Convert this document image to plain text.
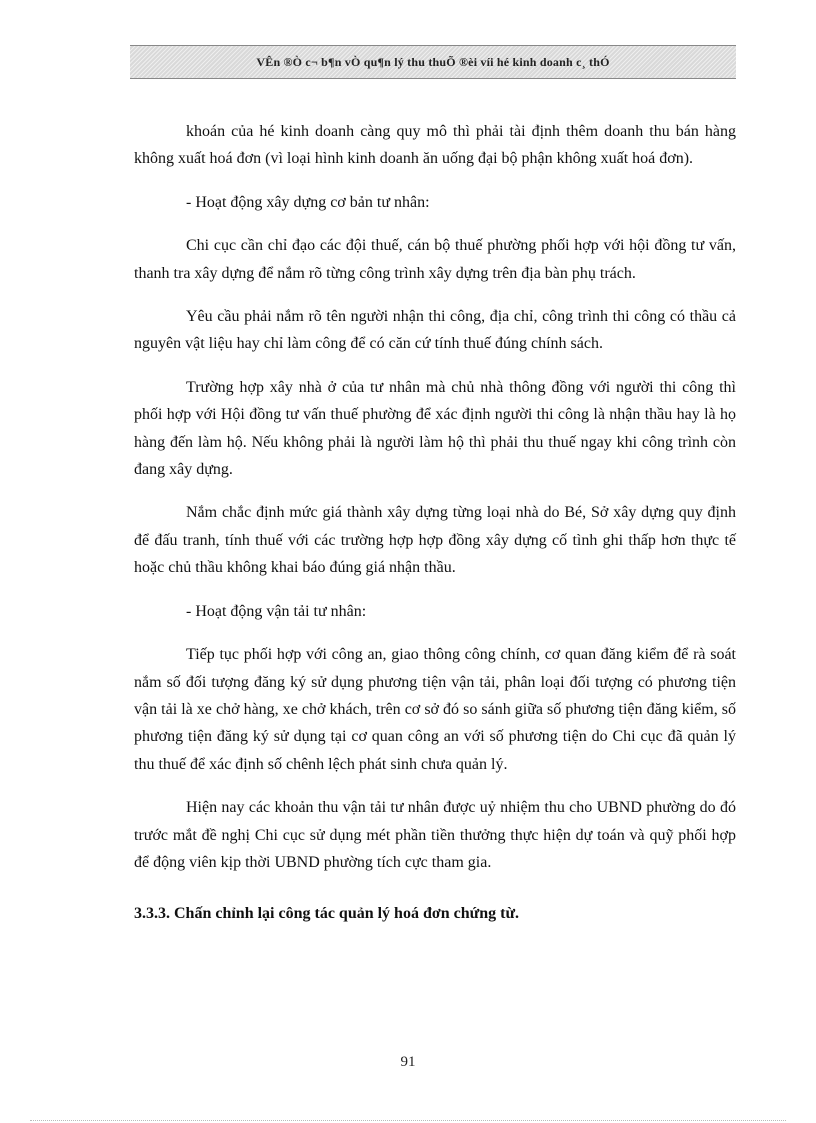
VÊn ®Ò c¬ b¶n vÒ qu¶n lý thu thuÕ ®èi víi hé kinh doanh c¸ thÓ

khoán của hé kinh doanh càng quy mô thì phải tài định thêm doanh thu bán hàng không xuất hoá đơn (vì loại hình kinh doanh ăn uống đại bộ phận không xuất hoá đơn).

- Hoạt động xây dựng cơ bản tư nhân:

Chi cục cần chỉ đạo các đội thuế, cán bộ thuế phường phối hợp với hội đồng tư vấn, thanh tra xây dựng để nắm rõ từng công trình xây dựng trên địa bàn phụ trách.

Yêu cầu phải nắm rõ tên người nhận thi công, địa chỉ, công trình thi công có thầu cả nguyên vật liệu hay chỉ làm công để có căn cứ tính thuế đúng chính sách.

Trường hợp xây nhà ở của tư nhân mà chủ nhà thông đồng với người thi công thì phối hợp với Hội đồng tư vấn thuế phường để xác định người thi công là nhận thầu hay là họ hàng đến làm hộ. Nếu không phải là người làm hộ thì phải thu thuế ngay khi công trình còn đang xây dựng.

Nắm chắc định mức giá thành xây dựng từng loại nhà do Bé, Sở xây dựng quy định để đấu tranh, tính thuế với các trường hợp hợp đồng xây dựng cố tình ghi thấp hơn thực tế hoặc chủ thầu không khai báo đúng giá nhận thầu.

- Hoạt động vận tải tư nhân:

Tiếp tục phối hợp với công an, giao thông công chính, cơ quan đăng kiểm để rà soát nắm số đối tượng đăng ký sử dụng phương tiện vận tải, phân loại đối tượng có phương tiện vận tải là xe chở hàng, xe chở khách, trên cơ sở đó so sánh giữa số phương tiện đăng kiểm, số phương tiện đăng ký sử dụng tại cơ quan công an với số phương tiện do Chi cục đã quản lý thu thuế để xác định số chênh lệch phát sinh chưa quản lý.

Hiện nay các khoản thu vận tải tư nhân được uỷ nhiệm thu cho UBND phường do đó trước mắt đề nghị Chi cục sử dụng mét phần tiền thưởng thực hiện dự toán và quỹ phối hợp để động viên kịp thời UBND phường tích cực tham gia.

3.3.3. Chấn chỉnh lại công tác quản lý hoá đơn chứng từ.
91
